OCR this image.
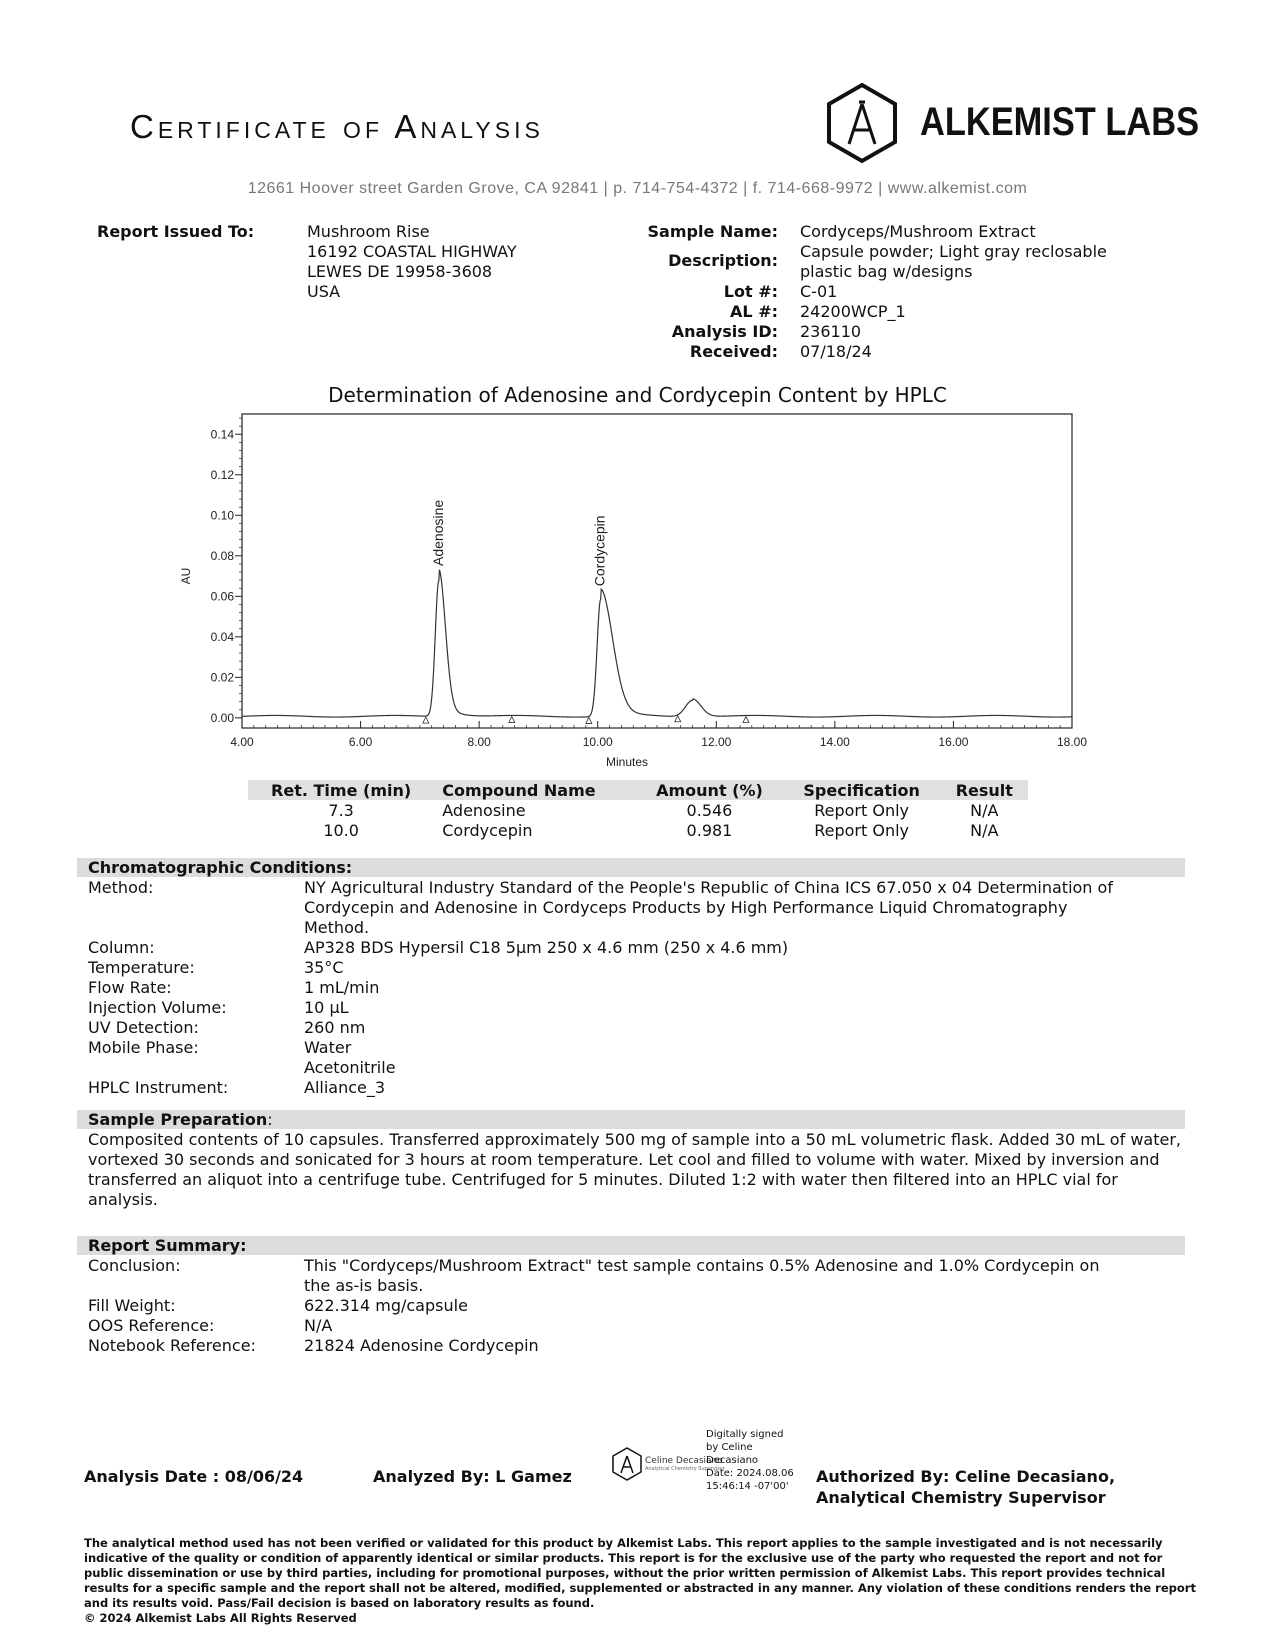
Certificate of Analysis	ALKEMIST LABS
12661 Hoover street Garden Grove, CA 92841 | p. 714-754-4372 | f. 714-668-9972 | www.alkemist.com
Report Issued To:	Mushroom Rise
16192 COASTAL HIGHWAY
LEWES DE 19958-3608
USA
Sample Name: Cordyceps/Mushroom Extract
Description: Capsule powder; Light gray reclosable
plastic bag w/designs
Lot #: C-01
AL #: 24200WCP_1
Analysis ID: 236110
Received: 07/18/24
Determination of Adenosine and Cordycepin Content by HPLC
4.00	6.00	8.00	10.00	12.00	14.00	16.00	18.00
0.00
0.02
0.04
0.06
0.08
0.10
0.12
0.14
Minutes
AU
Adenosine	Cordycepin
Ret. Time (min)	Compound Name	Amount (%)	Specification	Result
7.3	Adenosine	0.546	Report Only	N/A
10.0	Cordycepin	0.981	Report Only	N/A
Chromatographic Conditions:
Method:	NY Agricultural Industry Standard of the People's Republic of China ICS 67.050 x 04 Determination of
Cordycepin and Adenosine in Cordyceps Products by High Performance Liquid Chromatography
Method.
Column:	AP328 BDS Hypersil C18 5μm 250 x 4.6 mm (250 x 4.6 mm)
Temperature:	35°C
Flow Rate:	1 mL/min
Injection Volume:	10 μL
UV Detection:	260 nm
Mobile Phase:	Water
Acetonitrile
HPLC Instrument:	Alliance_3
Sample Preparation:
Composited contents of 10 capsules. Transferred approximately 500 mg of sample into a 50 mL volumetric flask. Added 30 mL of water, vortexed 30 seconds and sonicated for 3 hours at room temperature. Let cool and filled to volume with water. Mixed by inversion and transferred an aliquot into a centrifuge tube. Centrifuged for 5 minutes. Diluted 1:2 with water then filtered into an HPLC vial for analysis.
Report Summary:
Conclusion:	This "Cordyceps/Mushroom Extract" test sample contains 0.5% Adenosine and 1.0% Cordycepin on
the as-is basis.
Fill Weight:	622.314 mg/capsule
OOS Reference:	N/A
Notebook Reference:	21824 Adenosine Cordycepin
Analysis Date : 08/06/24	Analyzed By: L Gamez
Celine Decasiano
Analytical Chemistry Supervisor
Digitally signed
by Celine
Decasiano
Date: 2024.08.06
15:46:14 -07'00'
Authorized By: Celine Decasiano,
Analytical Chemistry Supervisor
The analytical method used has not been verified or validated for this product by Alkemist Labs. This report applies to the sample investigated and is not necessarily indicative of the quality or condition of apparently identical or similar products. This report is for the exclusive use of the party who requested the report and not for public dissemination or use by third parties, including for promotional purposes, without the prior written permission of Alkemist Labs. This report provides technical results for a specific sample and the report shall not be altered, modified, supplemented or abstracted in any manner. Any violation of these conditions renders the report and its results void. Pass/Fail decision is based on laboratory results as found.
© 2024 Alkemist Labs All Rights Reserved
